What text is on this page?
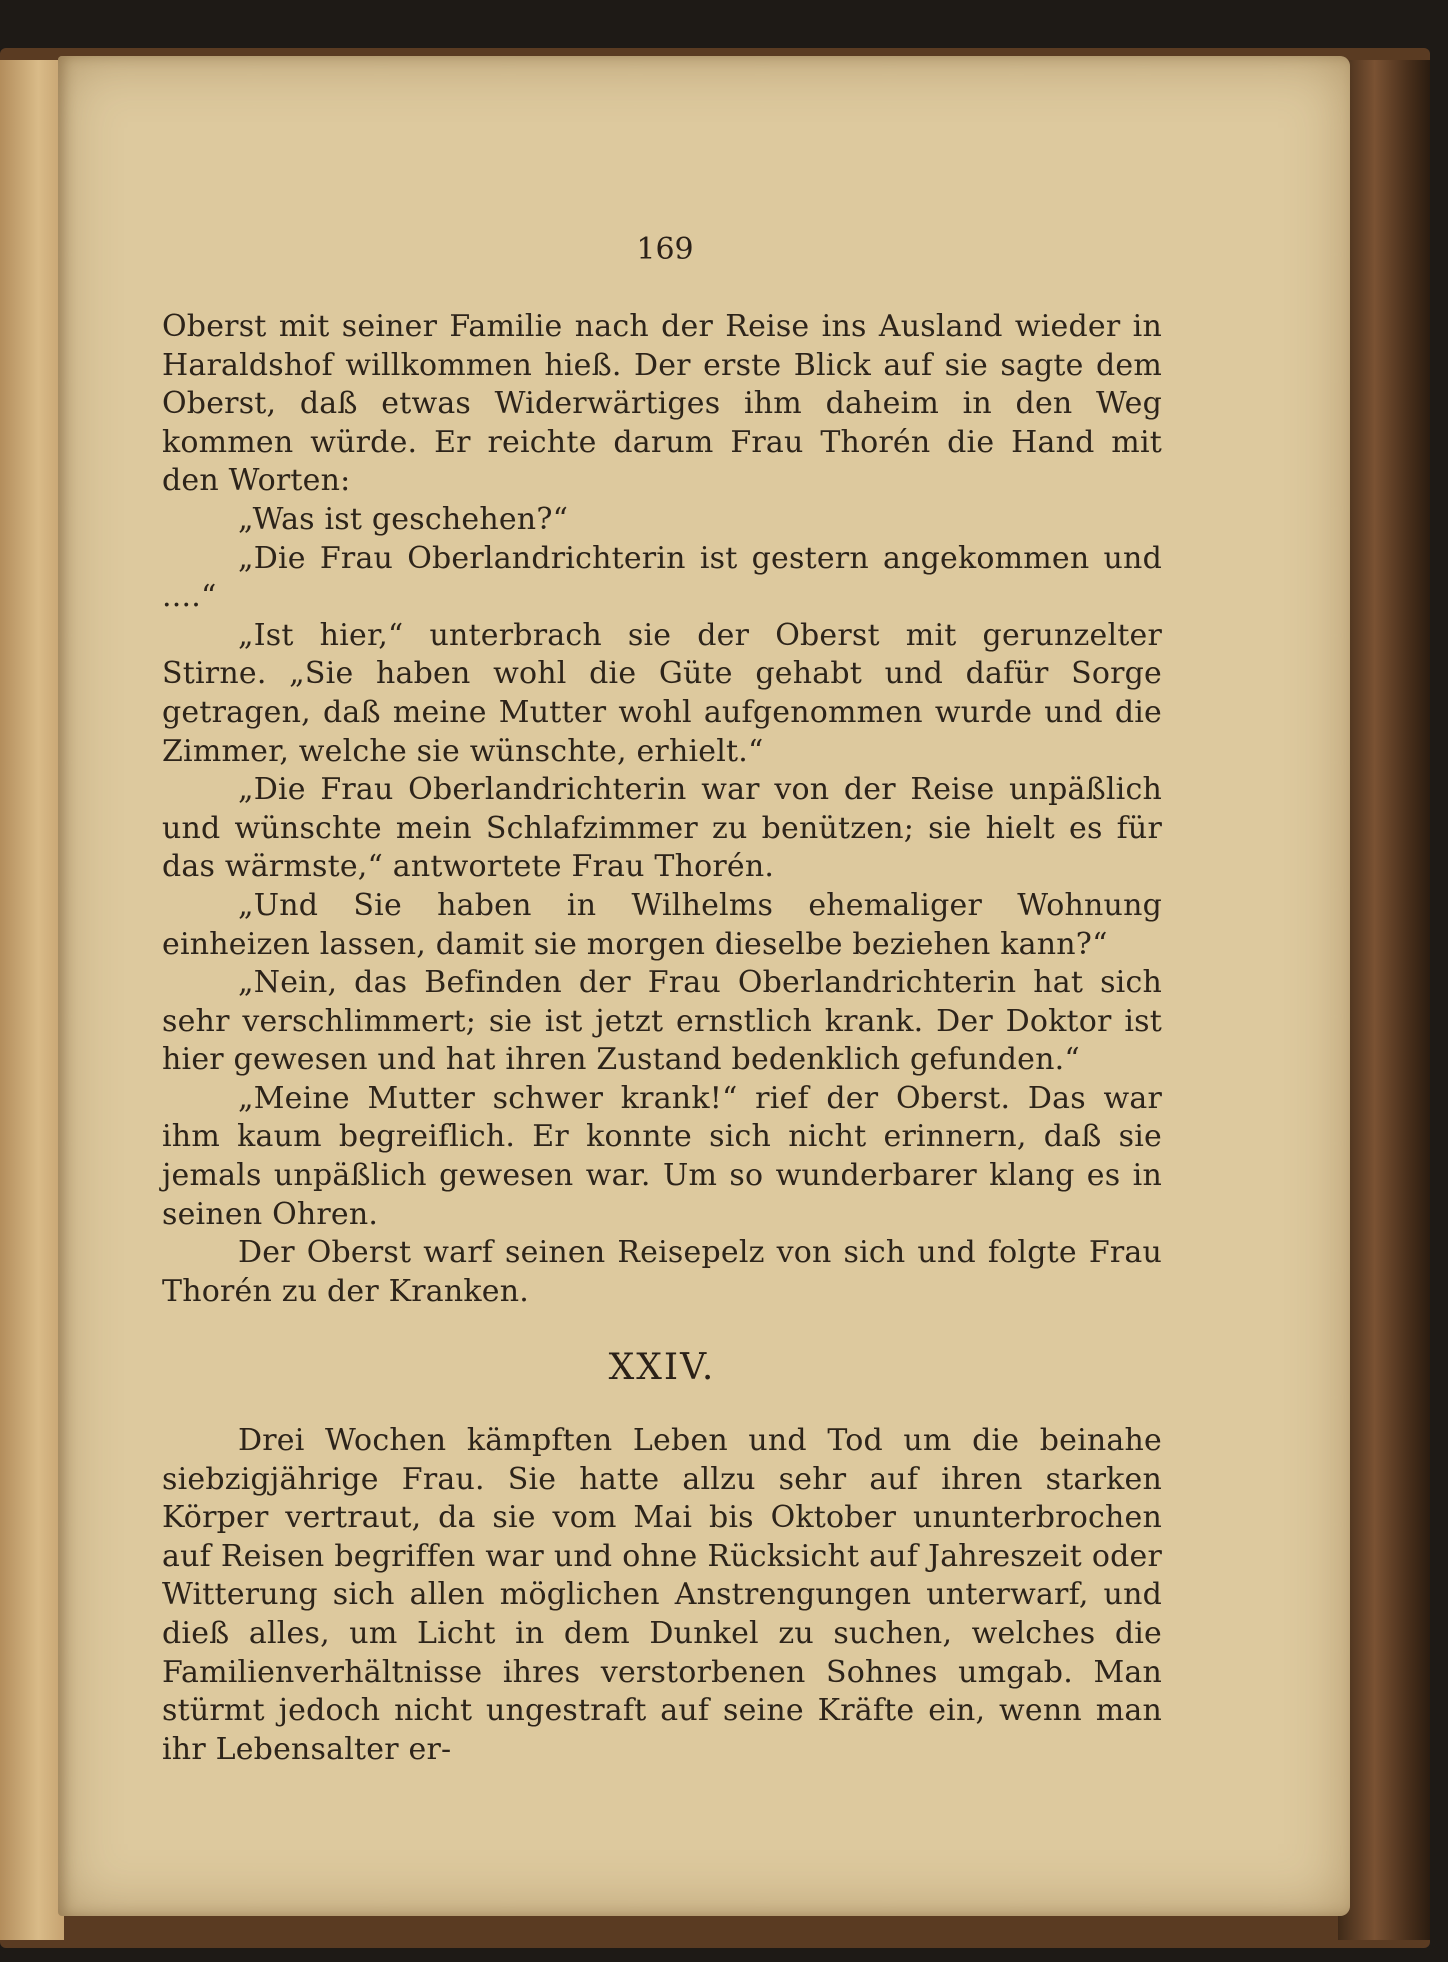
169

Oberst mit seiner Familie nach der Reise ins Ausland wieder in Haraldshof willkommen hieß. Der erste Blick auf sie sagte dem Oberst, daß etwas Widerwärtiges ihm daheim in den Weg kommen würde. Er reichte darum Frau Thorén die Hand mit den Worten:

„Was ist geschehen?“

„Die Frau Oberlandrichterin ist gestern angekommen und ....“

„Ist hier,“ unterbrach sie der Oberst mit gerunzelter Stirne. „Sie haben wohl die Güte gehabt und dafür Sorge getragen, daß meine Mutter wohl aufgenommen wurde und die Zimmer, welche sie wünschte, erhielt.“

„Die Frau Oberlandrichterin war von der Reise unpäßlich und wünschte mein Schlafzimmer zu benützen; sie hielt es für das wärmste,“ antwortete Frau Thorén.

„Und Sie haben in Wilhelms ehemaliger Wohnung einheizen lassen, damit sie morgen dieselbe beziehen kann?“

„Nein, das Befinden der Frau Oberlandrichterin hat sich sehr verschlimmert; sie ist jetzt ernstlich krank. Der Doktor ist hier gewesen und hat ihren Zustand bedenklich gefunden.“

„Meine Mutter schwer krank!“ rief der Oberst. Das war ihm kaum begreiflich. Er konnte sich nicht erinnern, daß sie jemals unpäßlich gewesen war. Um so wunderbarer klang es in seinen Ohren.

Der Oberst warf seinen Reisepelz von sich und folgte Frau Thorén zu der Kranken.

XXIV.

Drei Wochen kämpften Leben und Tod um die beinahe siebzigjährige Frau. Sie hatte allzu sehr auf ihren starken Körper vertraut, da sie vom Mai bis Oktober ununterbrochen auf Reisen begriffen war und ohne Rücksicht auf Jahreszeit oder Witterung sich allen möglichen Anstrengungen unterwarf, und dieß alles, um Licht in dem Dunkel zu suchen, welches die Familienverhältnisse ihres verstorbenen Sohnes umgab. Man stürmt jedoch nicht ungestraft auf seine Kräfte ein, wenn man ihr Lebensalter er-
